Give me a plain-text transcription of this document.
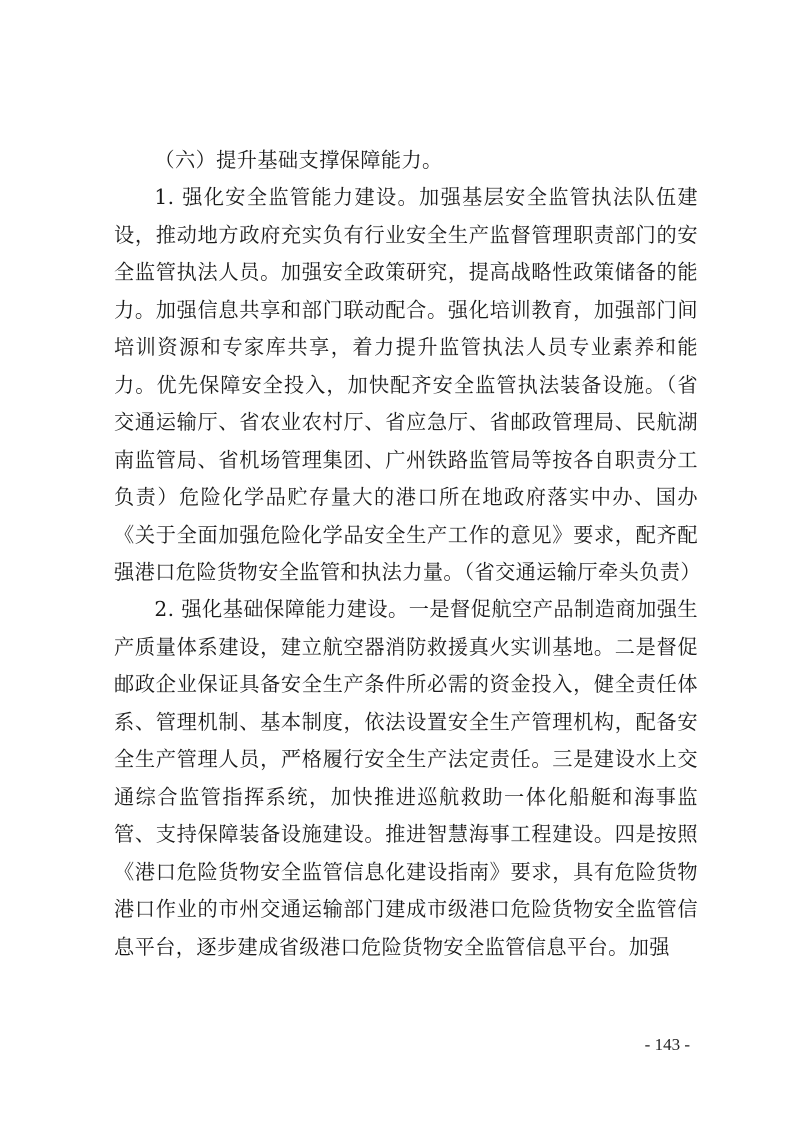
（六）提升基础支撑保障能力。

1. 强化安全监管能力建设。加强基层安全监管执法队伍建设，推动地方政府充实负有行业安全生产监督管理职责部门的安全监管执法人员。加强安全政策研究，提高战略性政策储备的能力。加强信息共享和部门联动配合。强化培训教育，加强部门间培训资源和专家库共享，着力提升监管执法人员专业素养和能力。优先保障安全投入，加快配齐安全监管执法装备设施。（省交通运输厅、省农业农村厅、省应急厅、省邮政管理局、民航湖南监管局、省机场管理集团、广州铁路监管局等按各自职责分工负责）危险化学品贮存量大的港口所在地政府落实中办、国办《关于全面加强危险化学品安全生产工作的意见》要求，配齐配强港口危险货物安全监管和执法力量。（省交通运输厅牵头负责）

2. 强化基础保障能力建设。一是督促航空产品制造商加强生产质量体系建设，建立航空器消防救援真火实训基地。二是督促邮政企业保证具备安全生产条件所必需的资金投入，健全责任体系、管理机制、基本制度，依法设置安全生产管理机构，配备安全生产管理人员，严格履行安全生产法定责任。三是建设水上交通综合监管指挥系统，加快推进巡航救助一体化船艇和海事监管、支持保障装备设施建设。推进智慧海事工程建设。四是按照《港口危险货物安全监管信息化建设指南》要求，具有危险货物港口作业的市州交通运输部门建成市级港口危险货物安全监管信息平台，逐步建成省级港口危险货物安全监管信息平台。加强

- 143 -
